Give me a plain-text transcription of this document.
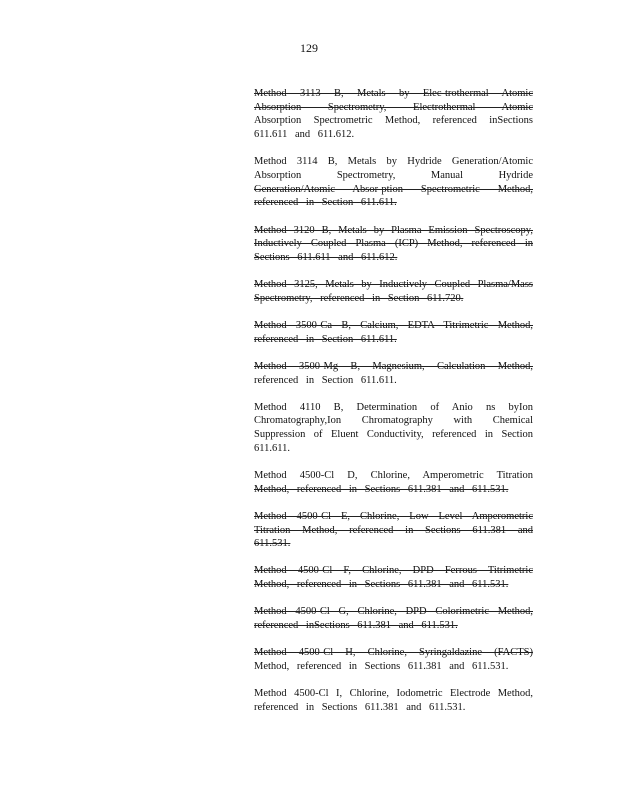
129
Method 3113 B, Metals by Elec-trothermal Atomic
Absorption Spectrometry, Electrothermal Atomic
Absorption Spectrometric Method, referenced inSections
611.611 and 611.612.
Method 3114 B, Metals by Hydride Generation/Atomic
Absorption Spectrometry, Manual Hydride
Generation/Atomic Absor-ption Spectrometric Method,
referenced in Section 611.611.
Method 3120 B, Metals by Plasma Emission Spectroscopy,
Inductively Coupled Plasma (ICP) Method, referenced in
Sections 611.611 and 611.612.
Method 3125, Metals by Inductively Coupled Plasma/Mass
Spectrometry, referenced in Section 611.720.
Method 3500-Ca B, Calcium, EDTA Titrimetric Method,
referenced in Section 611.611.
Method 3500-Mg B, Magnesium, Calculation Method,
referenced in Section 611.611.
Method 4110 B, Determination of Anio ns byIon
Chromatography,Ion Chromatography with Chemical
Suppression of Eluent Conductivity, referenced in Section
611.611.
Method 4500-Cl D, Chlorine, Amperometric Titration
Method, referenced in Sections 611.381 and 611.531.
Method 4500-Cl E, Chlorine, Low Level Amperometric
Titration Method, referenced in Sections 611.381 and
611.531.
Method 4500-Cl F, Chlorine, DPD Ferrous Titrimetric
Method, referenced in Sections 611.381 and 611.531.
Method 4500-Cl G, Chlorine, DPD Colorimetric Method,
referenced inSections 611.381 and 611.531.
Method 4500-Cl H, Chlorine, Syringaldazine (FACTS)
Method, referenced in Sections 611.381 and 611.531.
Method 4500-Cl I, Chlorine, Iodometric Electrode Method,
referenced in Sections 611.381 and 611.531.
